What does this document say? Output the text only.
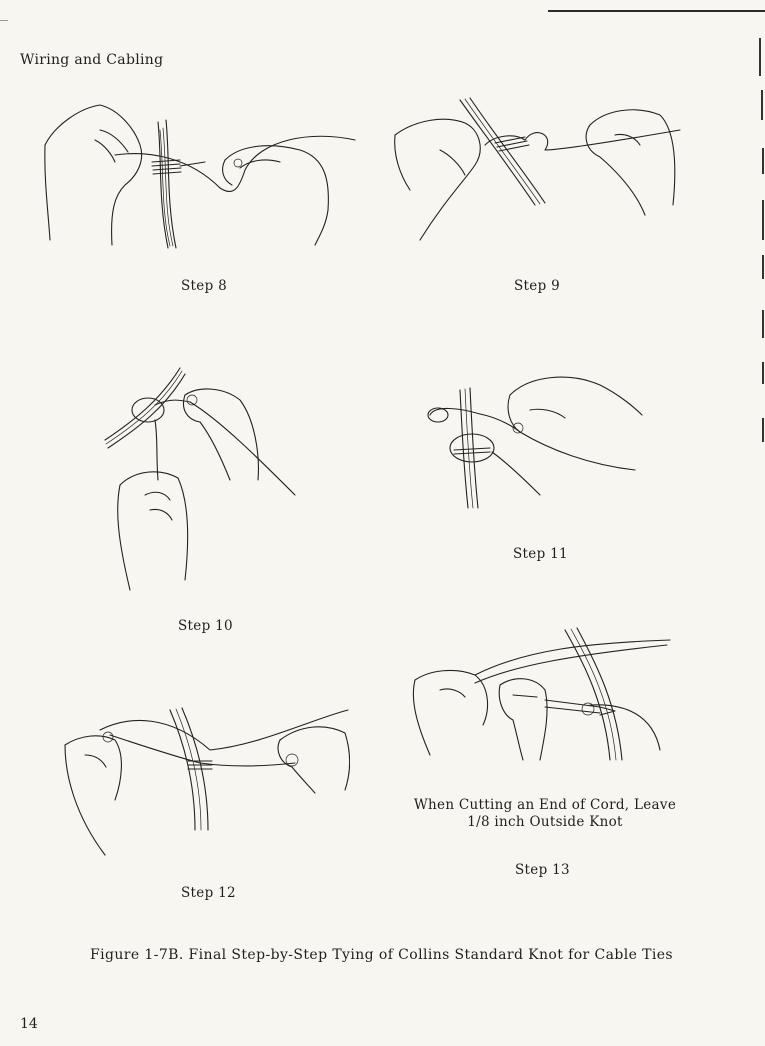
Wiring and Cabling
Step 8	Step 9
Step 10
Step 11
Step 12
When Cutting an End of Cord, Leave
1/8 inch Outside Knot
Step 13
Figure 1-7B. Final Step-by-Step Tying of Collins Standard Knot for Cable Ties
14
